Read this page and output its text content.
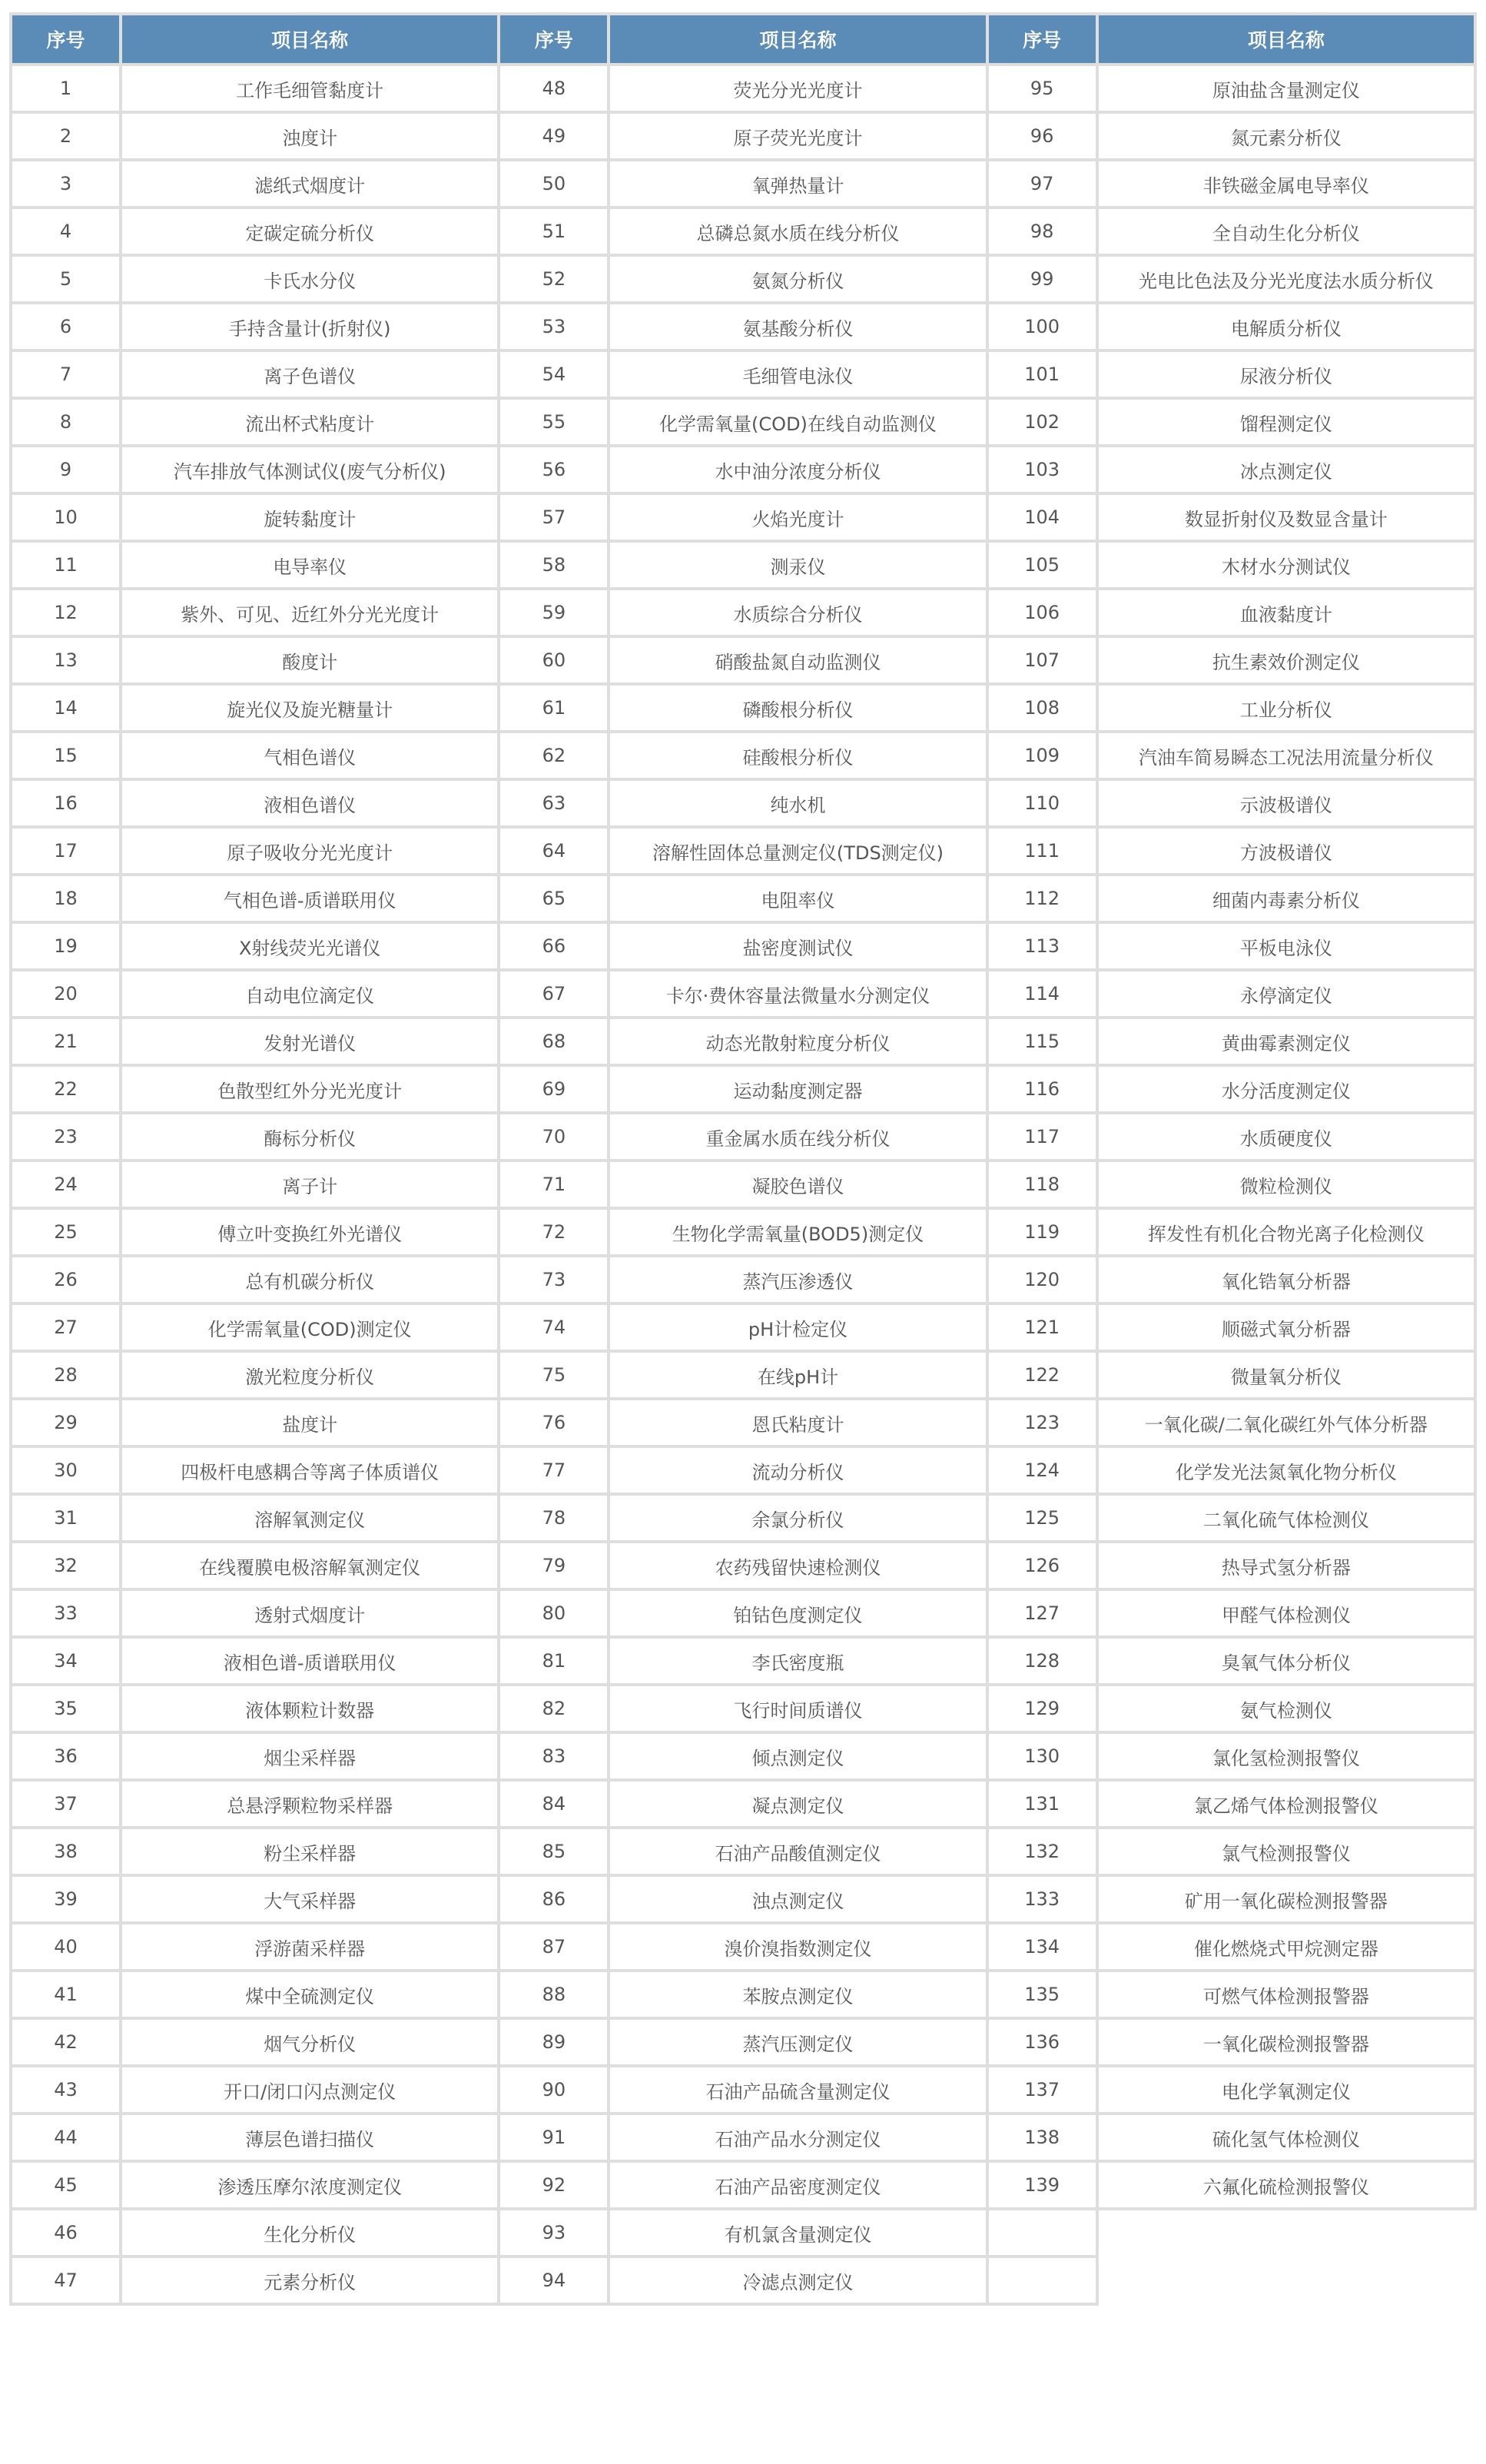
序号	项目名称	序号	项目名称	序号	项目名称
1	工作毛细管黏度计	48	荧光分光光度计	95	原油盐含量测定仪
2	浊度计	49	原子荧光光度计	96	氮元素分析仪
3	滤纸式烟度计	50	氧弹热量计	97	非铁磁金属电导率仪
4	定碳定硫分析仪	51	总磷总氮水质在线分析仪	98	全自动生化分析仪
5	卡氏水分仪	52	氨氮分析仪	99	光电比色法及分光光度法水质分析仪
6	手持含量计(折射仪)	53	氨基酸分析仪	100	电解质分析仪
7	离子色谱仪	54	毛细管电泳仪	101	尿液分析仪
8	流出杯式粘度计	55	化学需氧量(COD)在线自动监测仪	102	馏程测定仪
9	汽车排放气体测试仪(废气分析仪)	56	水中油分浓度分析仪	103	冰点测定仪
10	旋转黏度计	57	火焰光度计	104	数显折射仪及数显含量计
11	电导率仪	58	测汞仪	105	木材水分测试仪
12	紫外、可见、近红外分光光度计	59	水质综合分析仪	106	血液黏度计
13	酸度计	60	硝酸盐氮自动监测仪	107	抗生素效价测定仪
14	旋光仪及旋光糖量计	61	磷酸根分析仪	108	工业分析仪
15	气相色谱仪	62	硅酸根分析仪	109	汽油车简易瞬态工况法用流量分析仪
16	液相色谱仪	63	纯水机	110	示波极谱仪
17	原子吸收分光光度计	64	溶解性固体总量测定仪(TDS测定仪)	111	方波极谱仪
18	气相色谱-质谱联用仪	65	电阻率仪	112	细菌内毒素分析仪
19	X射线荧光光谱仪	66	盐密度测试仪	113	平板电泳仪
20	自动电位滴定仪	67	卡尔·费休容量法微量水分测定仪	114	永停滴定仪
21	发射光谱仪	68	动态光散射粒度分析仪	115	黄曲霉素测定仪
22	色散型红外分光光度计	69	运动黏度测定器	116	水分活度测定仪
23	酶标分析仪	70	重金属水质在线分析仪	117	水质硬度仪
24	离子计	71	凝胶色谱仪	118	微粒检测仪
25	傅立叶变换红外光谱仪	72	生物化学需氧量(BOD5)测定仪	119	挥发性有机化合物光离子化检测仪
26	总有机碳分析仪	73	蒸汽压渗透仪	120	氧化锆氧分析器
27	化学需氧量(COD)测定仪	74	pH计检定仪	121	顺磁式氧分析器
28	激光粒度分析仪	75	在线pH计	122	微量氧分析仪
29	盐度计	76	恩氏粘度计	123	一氧化碳/二氧化碳红外气体分析器
30	四极杆电感耦合等离子体质谱仪	77	流动分析仪	124	化学发光法氮氧化物分析仪
31	溶解氧测定仪	78	余氯分析仪	125	二氧化硫气体检测仪
32	在线覆膜电极溶解氧测定仪	79	农药残留快速检测仪	126	热导式氢分析器
33	透射式烟度计	80	铂钴色度测定仪	127	甲醛气体检测仪
34	液相色谱-质谱联用仪	81	李氏密度瓶	128	臭氧气体分析仪
35	液体颗粒计数器	82	飞行时间质谱仪	129	氨气检测仪
36	烟尘采样器	83	倾点测定仪	130	氯化氢检测报警仪
37	总悬浮颗粒物采样器	84	凝点测定仪	131	氯乙烯气体检测报警仪
38	粉尘采样器	85	石油产品酸值测定仪	132	氯气检测报警仪
39	大气采样器	86	浊点测定仪	133	矿用一氧化碳检测报警器
40	浮游菌采样器	87	溴价溴指数测定仪	134	催化燃烧式甲烷测定器
41	煤中全硫测定仪	88	苯胺点测定仪	135	可燃气体检测报警器
42	烟气分析仪	89	蒸汽压测定仪	136	一氧化碳检测报警器
43	开口/闭口闪点测定仪	90	石油产品硫含量测定仪	137	电化学氧测定仪
44	薄层色谱扫描仪	91	石油产品水分测定仪	138	硫化氢气体检测仪
45	渗透压摩尔浓度测定仪	92	石油产品密度测定仪	139	六氟化硫检测报警仪
46	生化分析仪	93	有机氯含量测定仪		
47	元素分析仪	94	冷滤点测定仪		
